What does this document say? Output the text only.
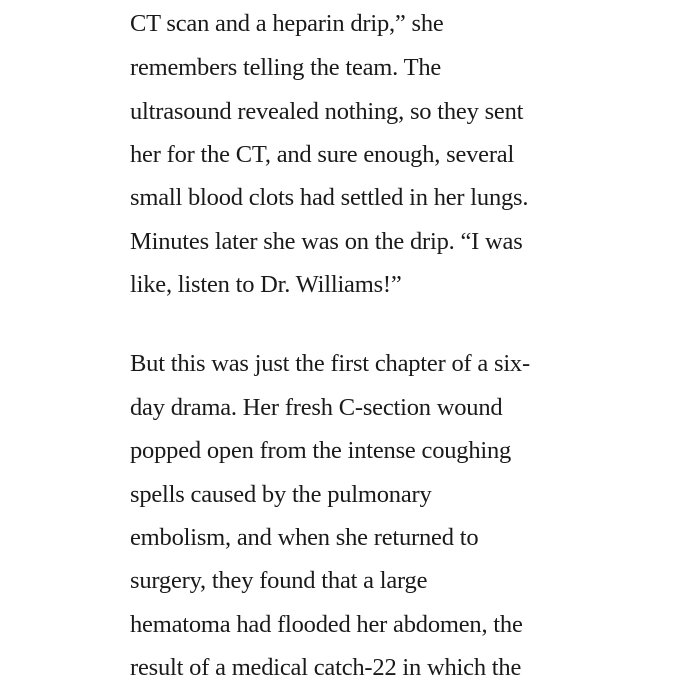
CT scan and a heparin drip,” she
remembers telling the team. The
ultrasound revealed nothing, so they sent
her for the CT, and sure enough, several
small blood clots had settled in her lungs.
Minutes later she was on the drip. “I was
like, listen to Dr. Williams!”
But this was just the first chapter of a six-
day drama. Her fresh C-section wound
popped open from the intense coughing
spells caused by the pulmonary
embolism, and when she returned to
surgery, they found that a large
hematoma had flooded her abdomen, the
result of a medical catch-22 in which the
